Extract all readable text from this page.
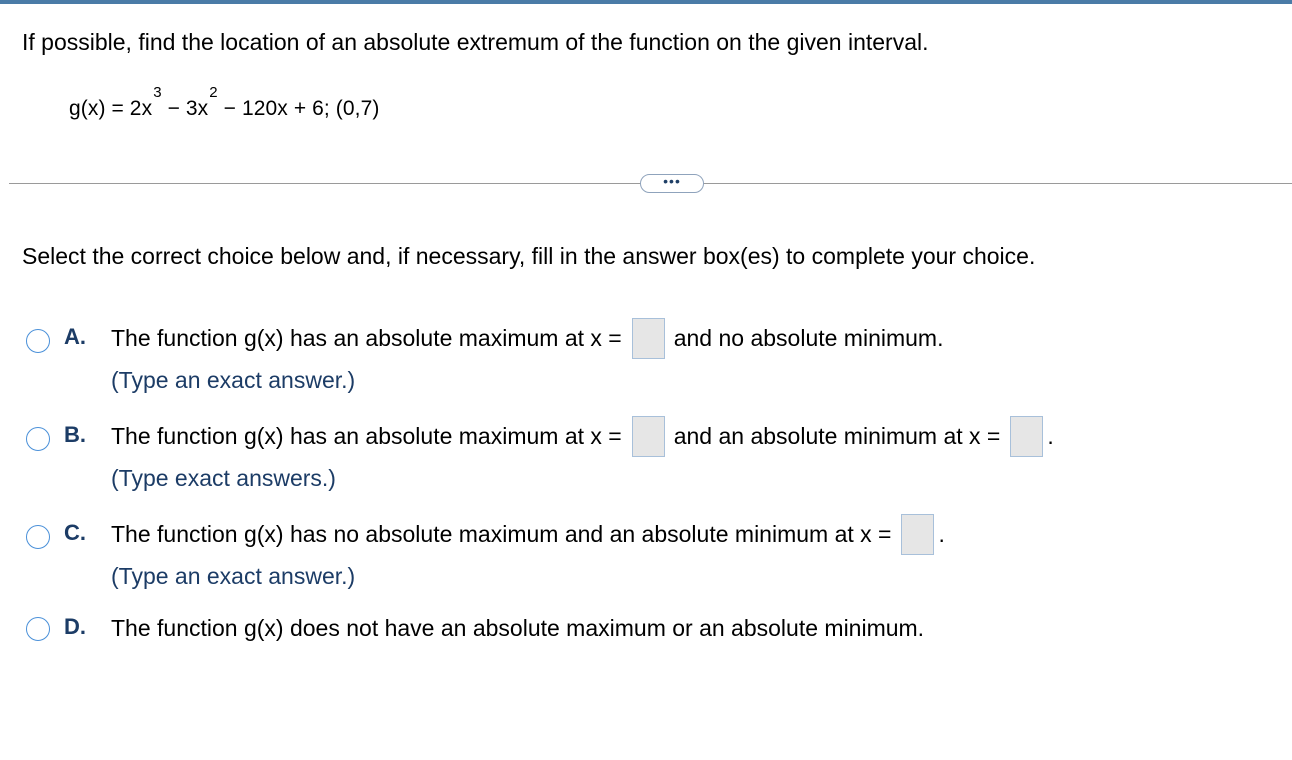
If possible, find the location of an absolute extremum of the function on the given interval.
$g(x) = 2x^3 - 3x^2 - 120x + 6$; (0,7)
•••
Select the correct choice below and, if necessary, fill in the answer box(es) to complete your choice.
A. The function g(x) has an absolute maximum at x = and no absolute minimum.
(Type an exact answer.)
B. The function g(x) has an absolute maximum at x = and an absolute minimum at x = .
(Type exact answers.)
C. The function g(x) has no absolute maximum and an absolute minimum at x = .
(Type an exact answer.)
D. The function g(x) does not have an absolute maximum or an absolute minimum.
